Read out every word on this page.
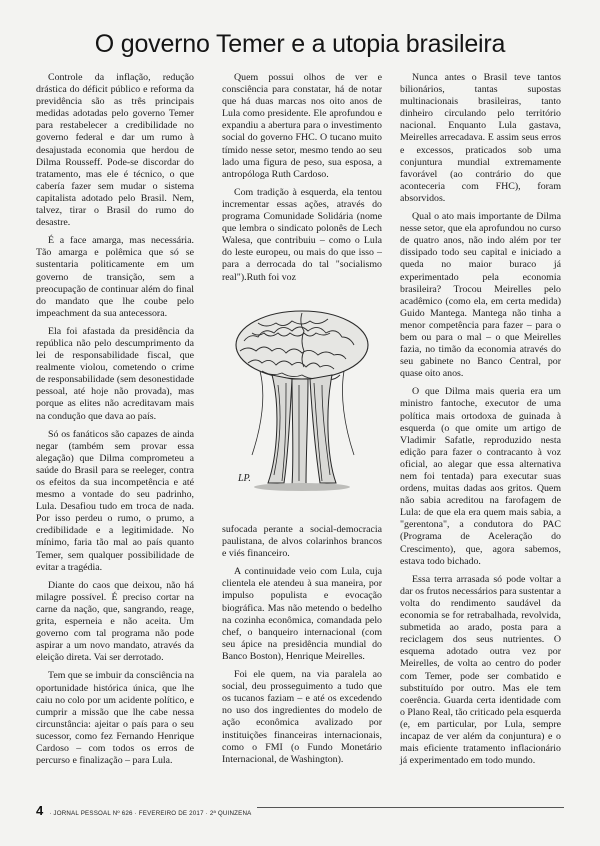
O governo Temer e a utopia brasileira

Controle da inflação, redução drástica do déficit público e reforma da previdência são as três principais medidas adotadas pelo governo Temer para restabelecer a credibilidade no governo federal e dar um rumo à desajustada economia que herdou de Dilma Rousseff. Pode-se discordar do tratamento, mas ele é técnico, o que cabería fazer sem mudar o sistema capitalista adotado pelo Brasil. Nem, talvez, tirar o Brasil do rumo do desastre.

É a face amarga, mas necessária. Tão amarga e polêmica que só se sustentaria politicamente em um governo de transição, sem a preocupação de continuar além do final do mandato que lhe coube pelo impeachment da sua antecessora.

Ela foi afastada da presidência da república não pelo descumprimento da lei de responsabilidade fiscal, que realmente violou, cometendo o crime de responsabilidade (sem desonestidade pessoal, até hoje não provada), mas porque as elites não acreditavam mais na condução que dava ao país.

Só os fanáticos são capazes de ainda negar (também sem provar essa alegação) que Dilma comprometeu a saúde do Brasil para se reeleger, contra os efeitos da sua incompetência e até mesmo a vontade do seu padrinho, Lula. Desafiou tudo em troca de nada. Por isso perdeu o rumo, o prumo, a credibilidade e a legitimidade. No mínimo, faria tão mal ao país quanto Temer, sem qualquer possibilidade de evitar a tragédia.

Diante do caos que deixou, não há milagre possível. É preciso cortar na carne da nação, que, sangrando, reage, grita, esperneia e não aceita. Um governo com tal programa não pode aspirar a um novo mandato, através da eleição direta. Vai ser derrotado.

Tem que se imbuir da consciência na oportunidade histórica única, que lhe caiu no colo por um acidente político, e cumprir a missão que lhe cabe nessa circunstância: ajeitar o país para o seu sucessor, como fez Fernando Henrique Cardoso – com todos os erros de percurso e finalização – para Lula.

Quem possui olhos de ver e consciência para constatar, há de notar que há duas marcas nos oito anos de Lula como presidente. Ele aprofundou e expandiu a abertura para o investimento social do governo FHC. O tucano muito tímido nesse setor, mesmo tendo ao seu lado uma figura de peso, sua esposa, a antropóloga Ruth Cardoso.

Com tradição à esquerda, ela tentou incrementar essas ações, através do programa Comunidade Solidária (nome que lembra o sindicato polonês de Lech Walesa, que contribuiu – como o Lula do leste europeu, ou mais do que isso – para a derrocada do tal "socialismo real").Ruth foi voz

sufocada perante a social-democracia paulistana, de alvos colarinhos brancos e viés financeiro.

A continuidade veio com Lula, cuja clientela ele atendeu à sua maneira, por impulso populista e evocação biográfica. Mas não metendo o bedelho na cozinha econômica, comandada pelo chef, o banqueiro internacional (com seu ápice na presidência mundial do Banco Boston), Henrique Meirelles.

Foi ele quem, na via paralela ao social, deu prosseguimento a tudo que os tucanos faziam – e até os excedendo no uso dos ingredientes do modelo de ação econômica avalizado por instituições financeiras internacionais, como o FMI (o Fundo Monetário Internacional, de Washington).

LP.

Nunca antes o Brasil teve tantos bilionários, tantas supostas multinacionais brasileiras, tanto dinheiro circulando pelo território nacional. Enquanto Lula gastava, Meirelles arrecadava. E assim seus erros e excessos, praticados sob uma conjuntura mundial extremamente favorável (ao contrário do que aconteceria com FHC), foram absorvidos.

Qual o ato mais importante de Dilma nesse setor, que ela aprofundou no curso de quatro anos, não indo além por ter dissipado todo seu capital e iniciado a queda no maior buraco já experimentado pela economia brasileira? Trocou Meirelles pelo acadêmico (como ela, em certa medida) Guido Mantega. Mantega não tinha a menor competência para fazer – para o bem ou para o mal – o que Meirelles fazia, no timão da economia através do seu gabinete no Banco Central, por quase oito anos.

O que Dilma mais queria era um ministro fantoche, executor de uma política mais ortodoxa de guinada à esquerda (o que omite um artigo de Vladimir Safatle, reproduzido nesta edição para fazer o contracanto à voz oficial, ao alegar que essa alternativa nem foi tentada) para executar suas ordens, muitas dadas aos gritos. Quem não sabia acreditou na farofagem de Lula: de que ela era quem mais sabia, a "gerentona", a condutora do PAC (Programa de Aceleração do Crescimento), que, agora sabemos, estava todo bichado.

Essa terra arrasada só pode voltar a dar os frutos necessários para sustentar a volta do rendimento saudável da economia se for retrabalhada, revolvida, submetida ao arado, posta para a reciclagem dos seus nutrientes. O esquema adotado outra vez por Meirelles, de volta ao centro do poder com Temer, pode ser combatido e substituído por outro. Mas ele tem coerência. Guarda certa identidade com o Plano Real, tão criticado pela esquerda (e, em particular, por Lula, sempre incapaz de ver além da conjuntura) e o mais eficiente tratamento inflacionário já experimentado em todo mundo.

4 · JORNAL PESSOAL Nº 626 · FEVEREIRO DE 2017 · 2ª QUINZENA
